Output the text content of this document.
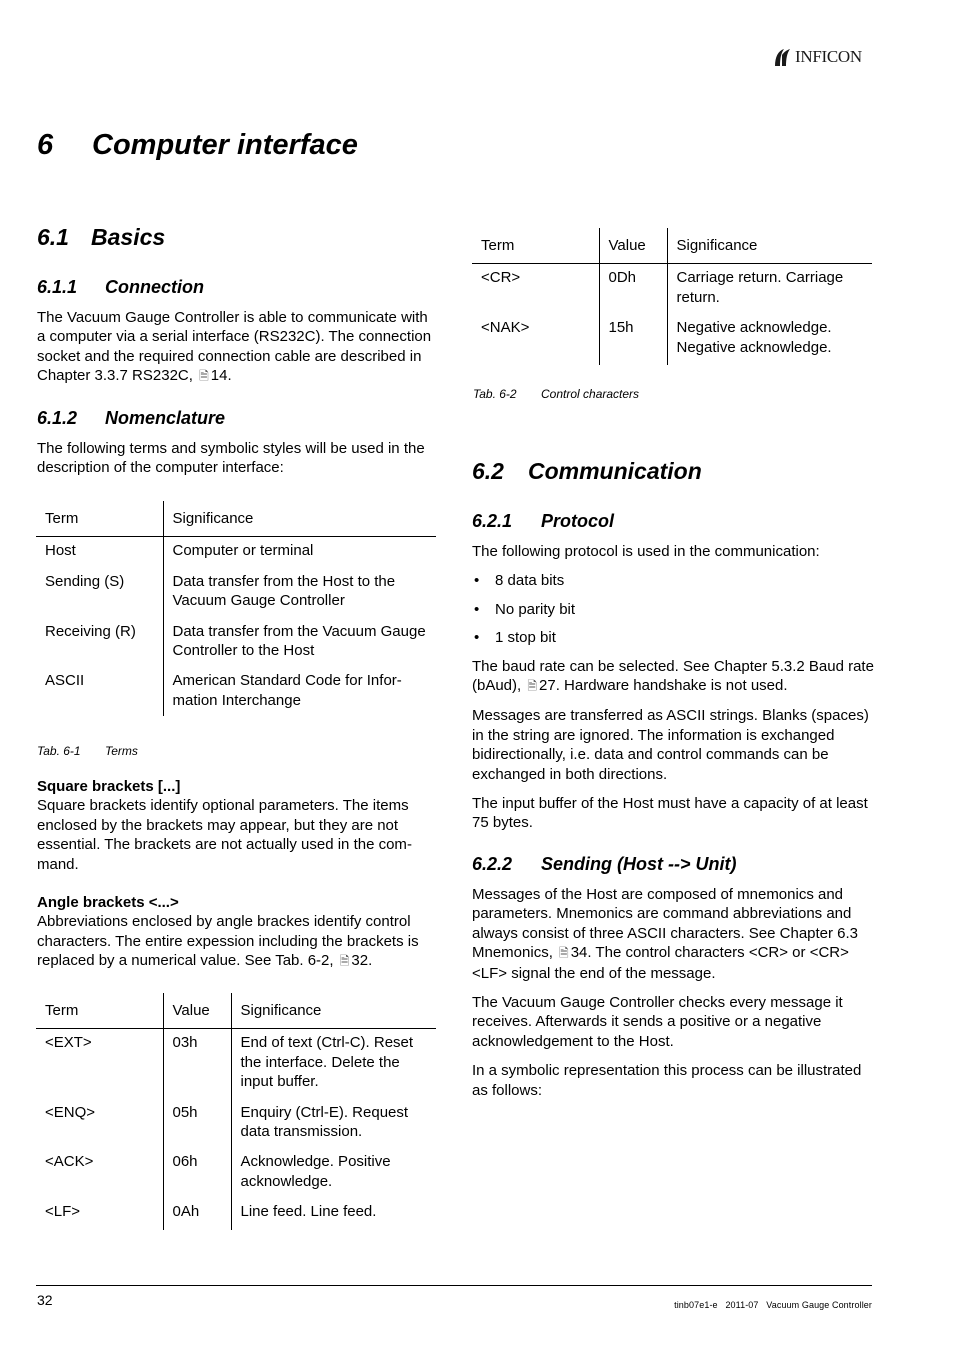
INFICON
6 Computer interface
6.1 Basics
6.1.1 Connection

The Vacuum Gauge Controller is able to communicate with a computer via a serial interface (RS232C). The connection socket and the required connection cable are described in Chapter 3.3.7 RS232C, 🗎 14.

6.1.2 Nomenclature

The following terms and symbolic styles will be used in the description of the computer interface:

Term	Significance
Host	Computer or terminal
Sending (S)	Data transfer from the Host to the Vacuum Gauge Controller
Receiving (R)	Data transfer from the Vacuum Gauge Controller to the Host
ASCII	American Standard Code for Information Interchange
Tab. 6-1 Terms
Square brackets [...]

Square brackets identify optional parameters. The items enclosed by the brackets may appear, but they are not essential. The brackets are not actually used in the command.

Angle brackets <...>

Abbreviations enclosed by angle brackes identify control characters. The entire expession including the brackets is replaced by a numerical value. See Tab. 6-2, 🗎 32.

Term	Value	Significance
<EXT>	03h	End of text (Ctrl-C). Reset the interface. Delete the input buffer.
<ENQ>	05h	Enquiry (Ctrl-E). Request data transmission.
<ACK>	06h	Acknowledge. Positive acknowledge.
<LF>	0Ah	Line feed. Line feed.
Term	Value	Significance
<CR>	0Dh	Carriage return. Carriage return.
<NAK>	15h	Negative acknowledge. Negative acknowledge.
Tab. 6-2 Control characters
6.2 Communication
6.2.1 Protocol

The following protocol is used in the communication:

• 8 data bits
• No parity bit
• 1 stop bit

The baud rate can be selected. See Chapter 5.3.2 Baud rate (bAud), 🗎 27. Hardware handshake is not used.

Messages are transferred as ASCII strings. Blanks (spaces) in the string are ignored. The information is exchanged bidirectionally, i.e. data and control commands can be exchanged in both directions.

The input buffer of the Host must have a capacity of at least 75 bytes.

6.2.2 Sending (Host --> Unit)

Messages of the Host are composed of mnemonics and parameters. Mnemonics are command abbreviations and always consist of three ASCII characters. See Chapter 6.3 Mnemonics, 🗎 34. The control characters <CR> or <CR><LF> signal the end of the message.

The Vacuum Gauge Controller checks every message it receives. Afterwards it sends a positive or a negative acknowledgement to the Host.

In a symbolic representation this process can be illustrated as follows:

32	tinb07e1-e   2011-07   Vacuum Gauge Controller
